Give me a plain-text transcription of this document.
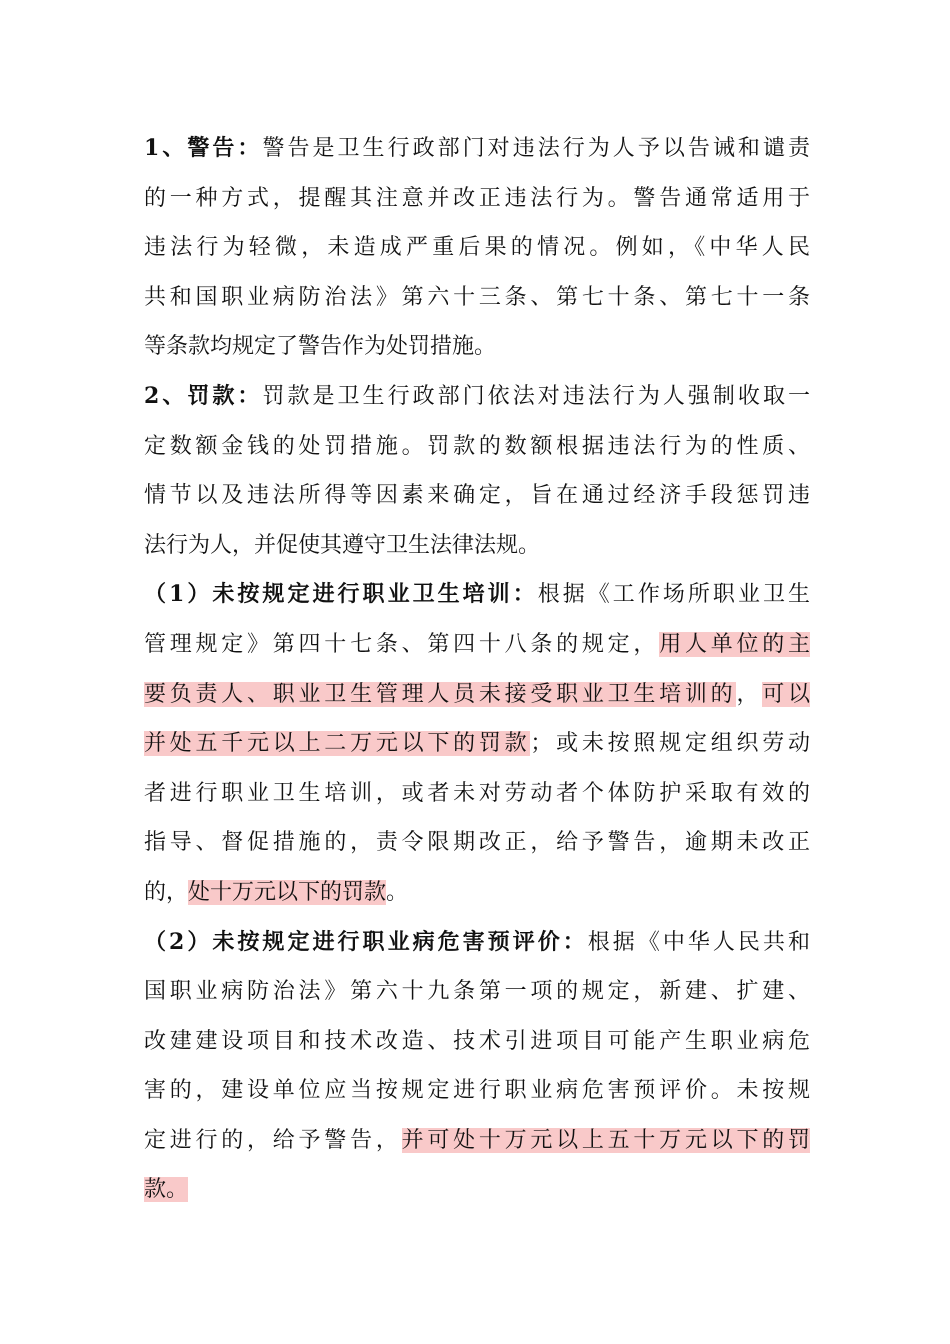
1、警告：警告是卫生行政部门对违法行为人予以告诫和谴责
的一种方式，提醒其注意并改正违法行为。警告通常适用于
违法行为轻微，未造成严重后果的情况。例如，《中华人民
共和国职业病防治法》第六十三条、第七十条、第七十一条
等条款均规定了警告作为处罚措施。
2、罚款：罚款是卫生行政部门依法对违法行为人强制收取一
定数额金钱的处罚措施。罚款的数额根据违法行为的性质、
情节以及违法所得等因素来确定，旨在通过经济手段惩罚违
法行为人，并促使其遵守卫生法律法规。
（1）未按规定进行职业卫生培训：根据《工作场所职业卫生
管理规定》第四十七条、第四十八条的规定，用人单位的主
要负责人、职业卫生管理人员未接受职业卫生培训的，可以
并处五千元以上二万元以下的罚款；或未按照规定组织劳动
者进行职业卫生培训，或者未对劳动者个体防护采取有效的
指导、督促措施的，责令限期改正，给予警告，逾期未改正
的，处十万元以下的罚款。
（2）未按规定进行职业病危害预评价：根据《中华人民共和
国职业病防治法》第六十九条第一项的规定，新建、扩建、
改建建设项目和技术改造、技术引进项目可能产生职业病危
害的，建设单位应当按规定进行职业病危害预评价。未按规
定进行的，给予警告，并可处十万元以上五十万元以下的罚
款。
